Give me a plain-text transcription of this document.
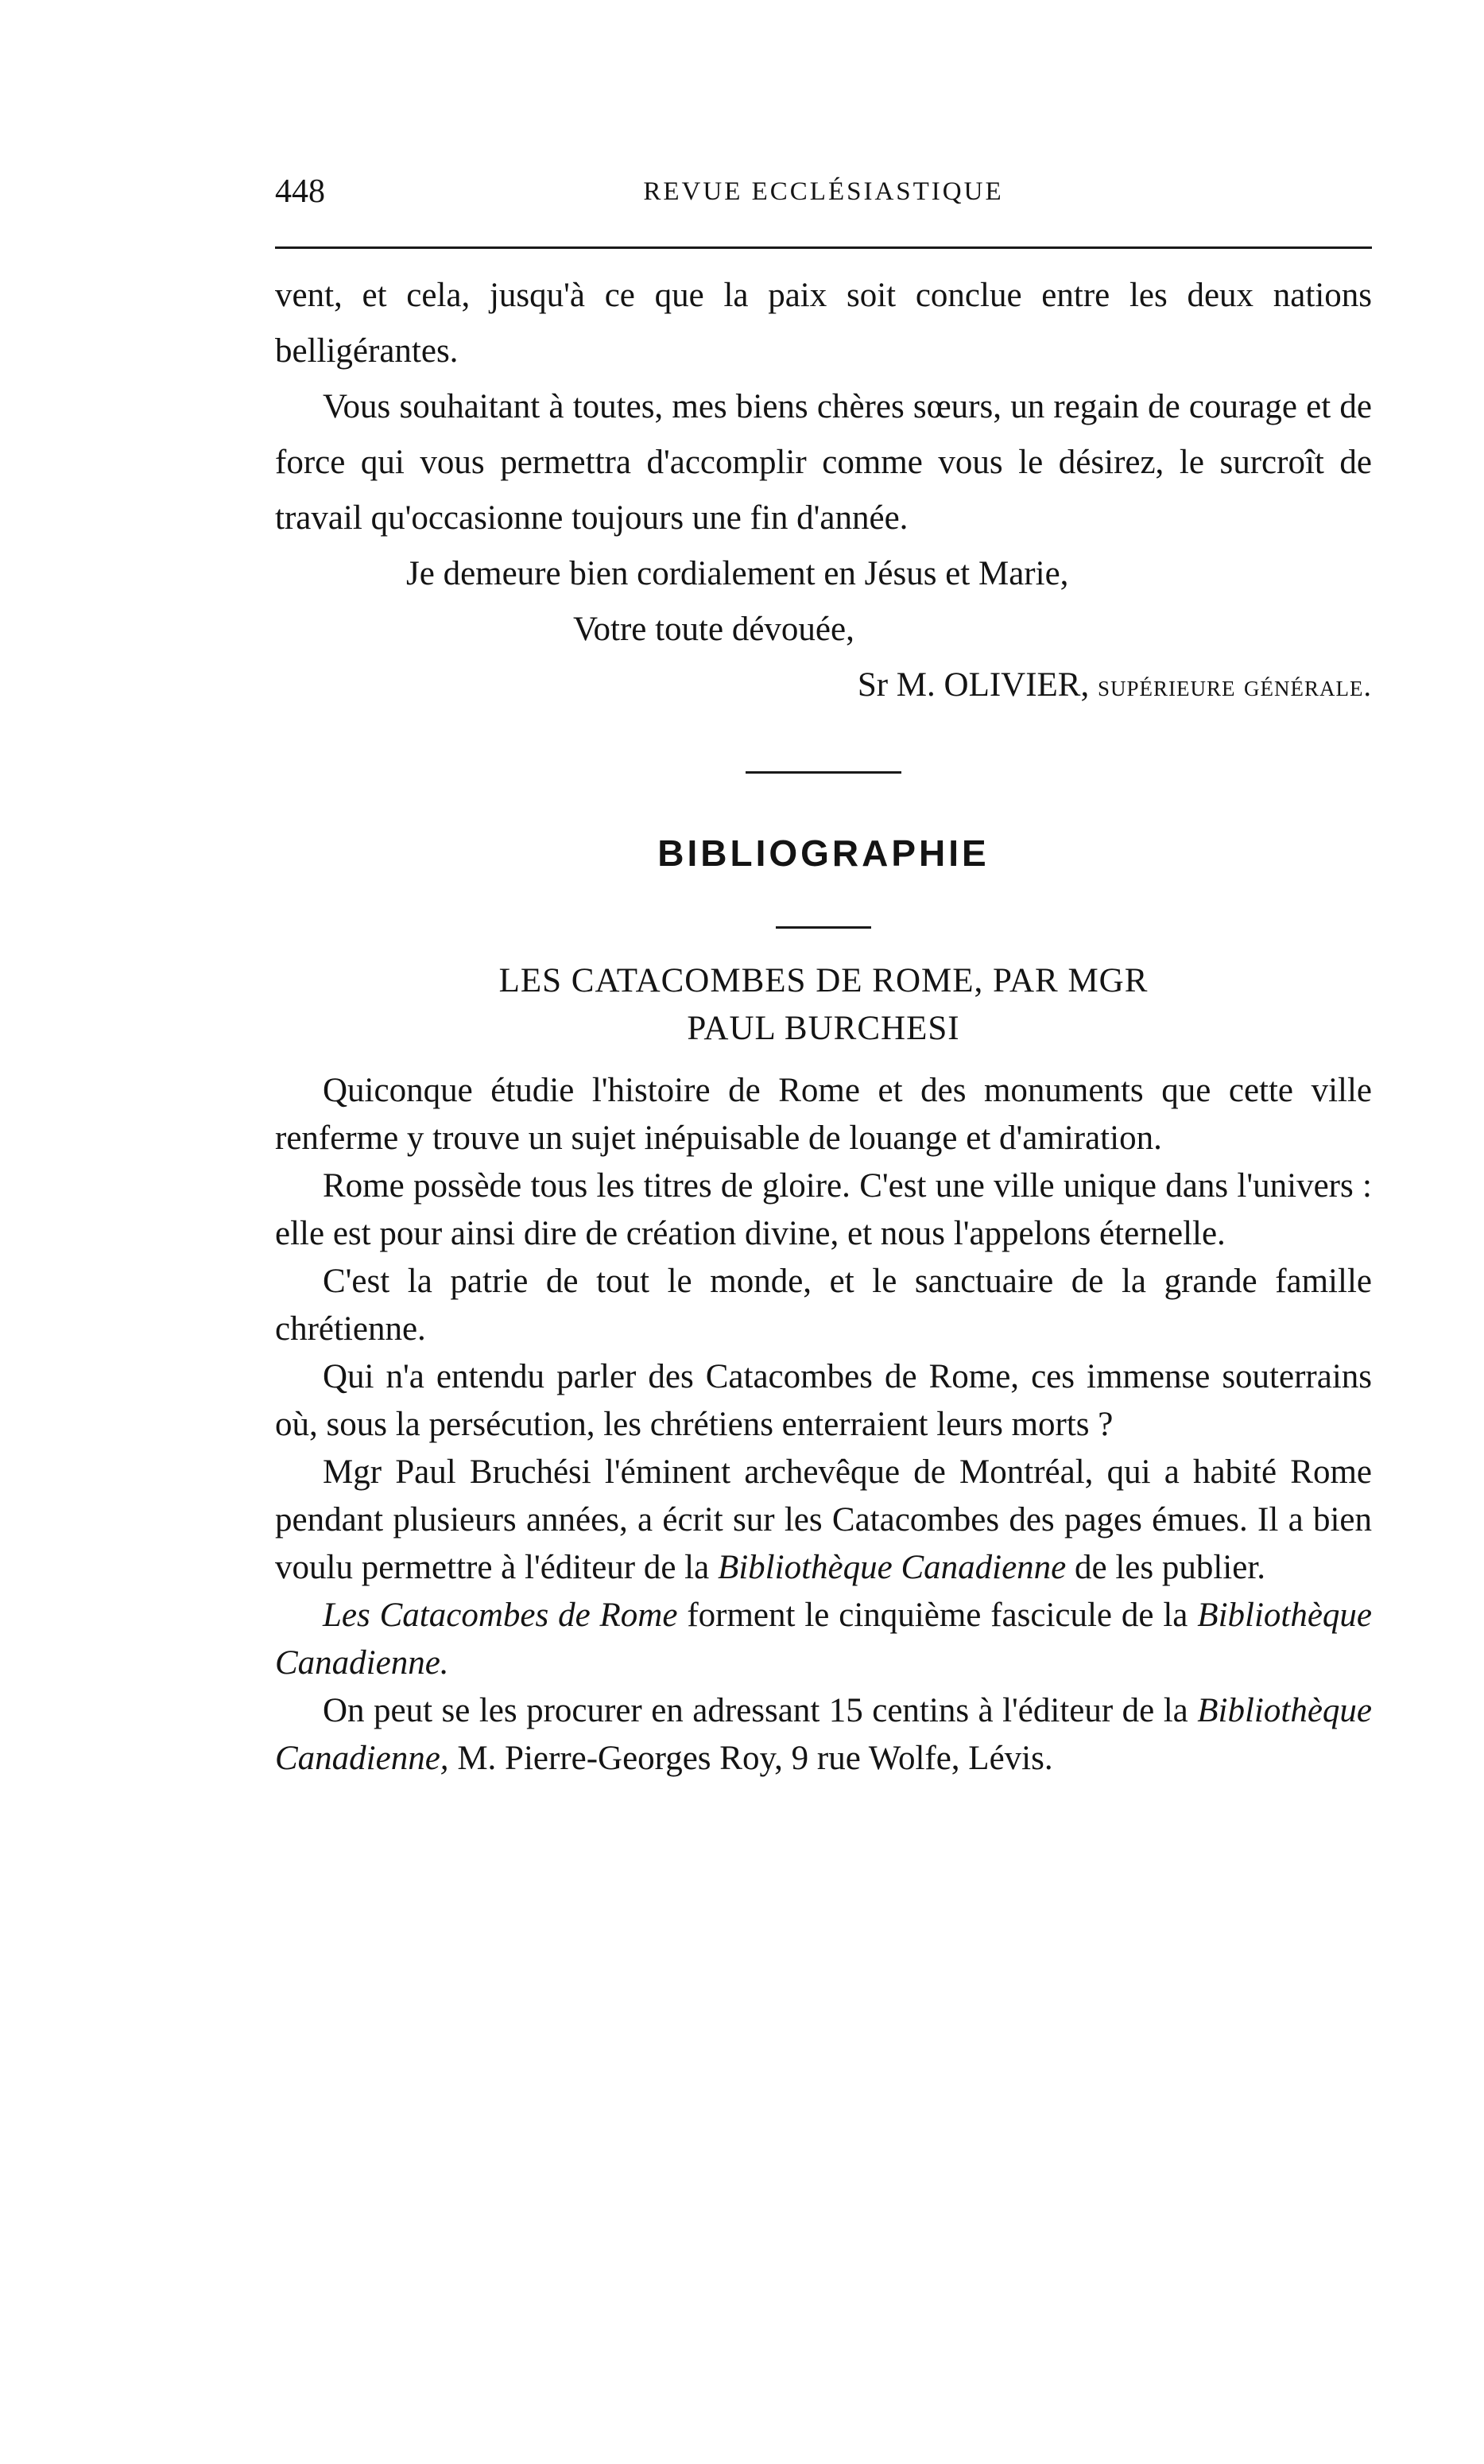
448	REVUE ECCLÉSIASTIQUE

vent, et cela, jusqu'à ce que la paix soit conclue entre les deux nations belligérantes.

Vous souhaitant à toutes, mes biens chères sœurs, un regain de courage et de force qui vous permettra d'accomplir comme vous le désirez, le surcroît de travail qu'occasionne toujours une fin d'année.

Je demeure bien cordialement en Jésus et Marie,

Votre toute dévouée,

Sr M. OLIVIER, supérieure générale.

BIBLIOGRAPHIE

LES CATACOMBES DE ROME, PAR MGR

PAUL BURCHESI

Quiconque étudie l'histoire de Rome et des monuments que cette ville renferme y trouve un sujet inépuisable de louange et d'amiration.

Rome possède tous les titres de gloire. C'est une ville unique dans l'univers : elle est pour ainsi dire de création divine, et nous l'appelons éternelle.

C'est la patrie de tout le monde, et le sanctuaire de la grande famille chrétienne.

Qui n'a entendu parler des Catacombes de Rome, ces immense souterrains où, sous la persécution, les chrétiens enterraient leurs morts ?

Mgr Paul Bruchési l'éminent archevêque de Montréal, qui a habité Rome pendant plusieurs années, a écrit sur les Catacombes des pages émues. Il a bien voulu permettre à l'éditeur de la Bibliothèque Canadienne de les publier.

Les Catacombes de Rome forment le cinquième fascicule de la Bibliothèque Canadienne.

On peut se les procurer en adressant 15 centins à l'éditeur de la Bibliothèque Canadienne, M. Pierre-Georges Roy, 9 rue Wolfe, Lévis.
